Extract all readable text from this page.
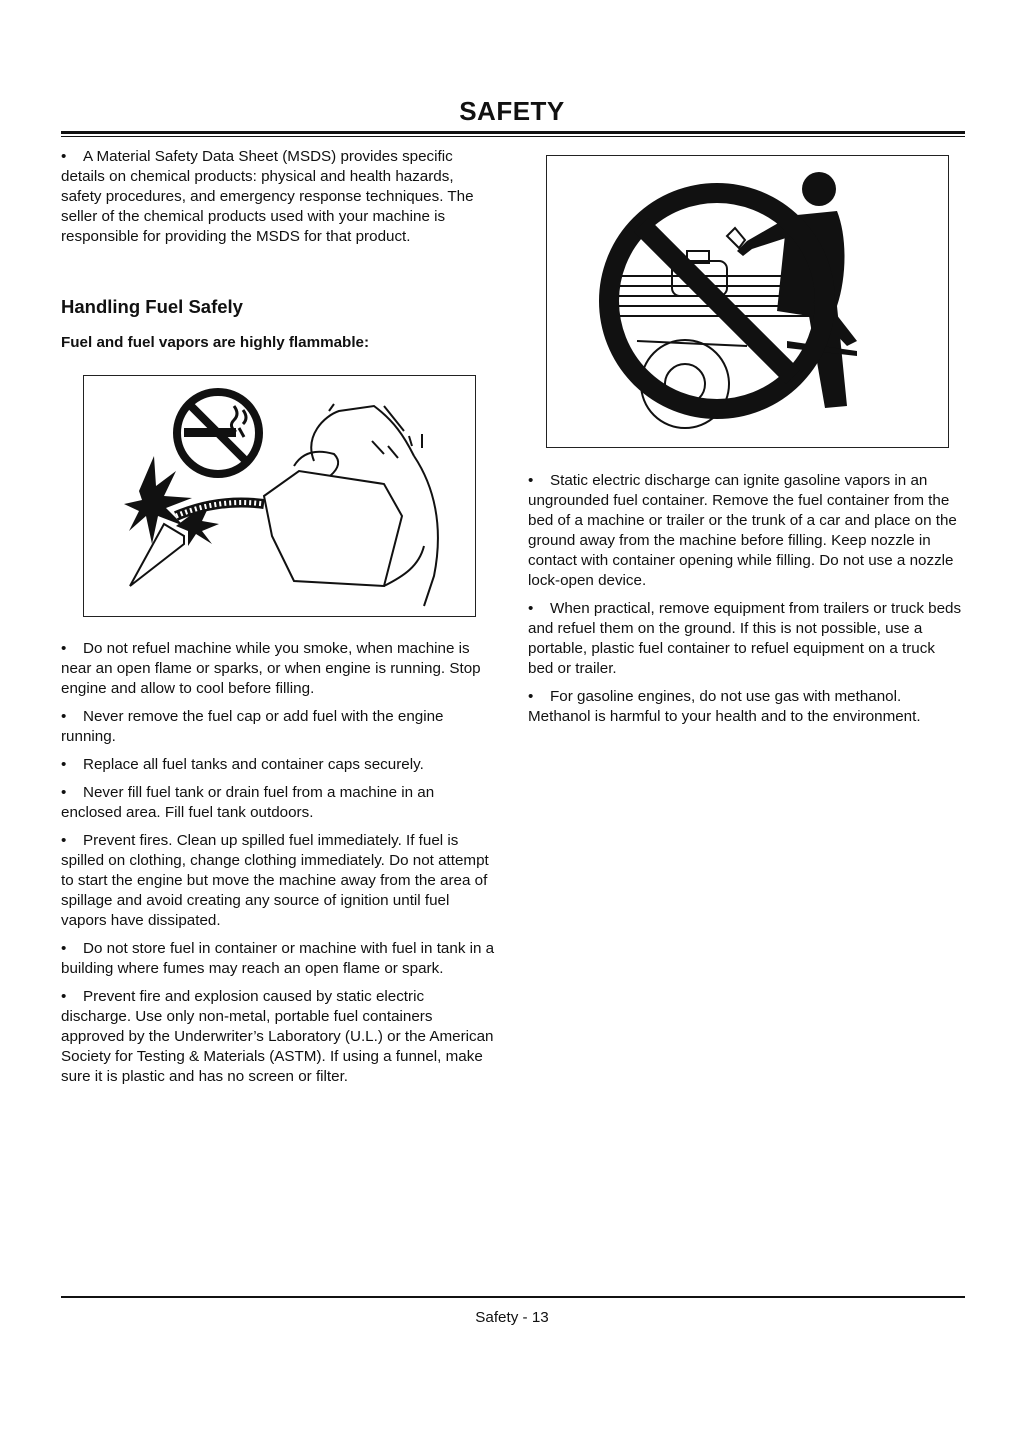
SAFETY

• A Material Safety Data Sheet (MSDS) provides specific details on chemical products: physical and health hazards, safety procedures, and emergency response techniques. The seller of the chemical products used with your machine is responsible for providing the MSDS for that product.

Handling Fuel Safely
Fuel and fuel vapors are highly flammable:

• Do not refuel machine while you smoke, when machine is near an open flame or sparks, or when engine is running. Stop engine and allow to cool before filling.

• Never remove the fuel cap or add fuel with the engine running.

• Replace all fuel tanks and container caps securely.

• Never fill fuel tank or drain fuel from a machine in an enclosed area. Fill fuel tank outdoors.

• Prevent fires. Clean up spilled fuel immediately. If fuel is spilled on clothing, change clothing immediately. Do not attempt to start the engine but move the machine away from the area of spillage and avoid creating any source of ignition until fuel vapors have dissipated.

• Do not store fuel in container or machine with fuel in tank in a building where fumes may reach an open flame or spark.

• Prevent fire and explosion caused by static electric discharge. Use only non-metal, portable fuel containers approved by the Underwriter’s Laboratory (U.L.) or the American Society for Testing & Materials (ASTM). If using a funnel, make sure it is plastic and has no screen or filter.

• Static electric discharge can ignite gasoline vapors in an ungrounded fuel container. Remove the fuel container from the bed of a machine or trailer or the trunk of a car and place on the ground away from the machine before filling. Keep nozzle in contact with container opening while filling. Do not use a nozzle lock-open device.

• When practical, remove equipment from trailers or truck beds and refuel them on the ground. If this is not possible, use a portable, plastic fuel container to refuel equipment on a truck bed or trailer.

• For gasoline engines, do not use gas with methanol. Methanol is harmful to your health and to the environment.

Safety - 13
